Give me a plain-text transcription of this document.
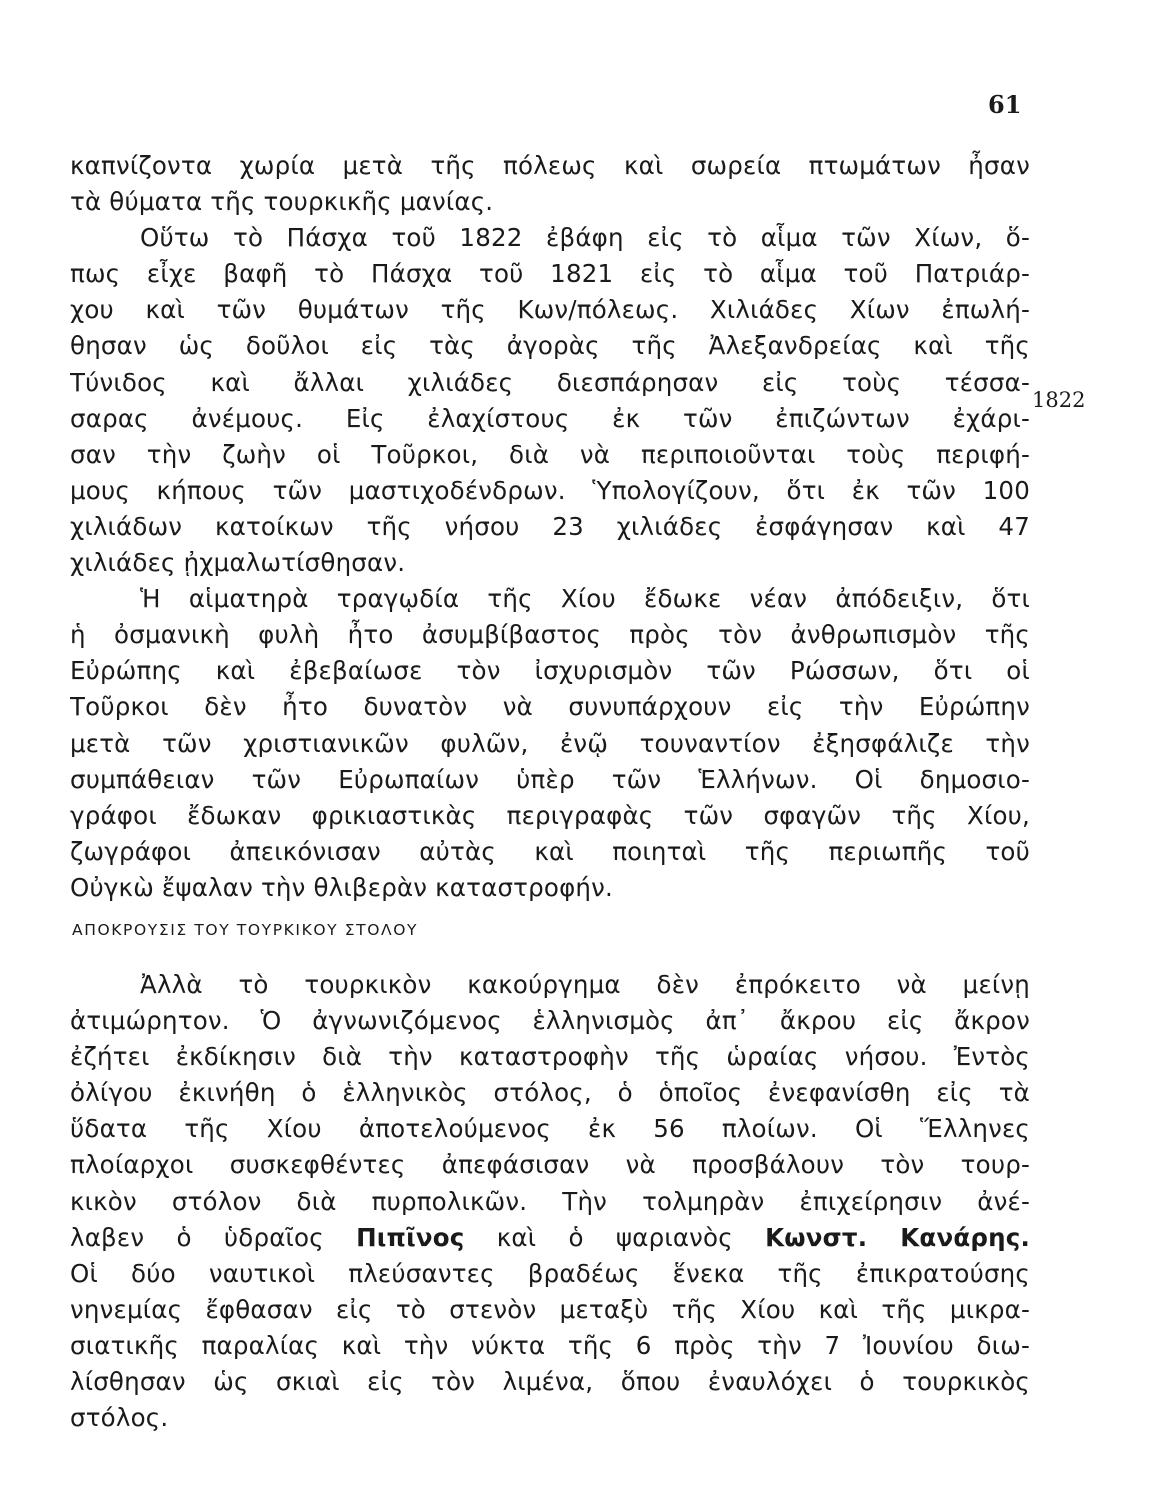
61
1822
καπνίζοντα χωρία μετὰ τῆς πόλεως καὶ σωρεία πτωμάτων ἦσαν
τὰ θύματα τῆς τουρκικῆς μανίας.
Οὕτω τὸ Πάσχα τοῦ 1822 ἐβάφη εἰς τὸ αἷμα τῶν Χίων, ὅ-
πως εἶχε βαφῆ τὸ Πάσχα τοῦ 1821 εἰς τὸ αἷμα τοῦ Πατριάρ-
χου καὶ τῶν θυμάτων τῆς Κων/πόλεως. Χιλιάδες Χίων ἐπωλή-
θησαν ὡς δοῦλοι εἰς τὰς ἀγορὰς τῆς Ἀλεξανδρείας καὶ τῆς
Τύνιδος καὶ ἄλλαι χιλιάδες διεσπάρησαν εἰς τοὺς τέσσα-
σαρας ἀνέμους. Εἰς ἐλαχίστους ἐκ τῶν ἐπιζώντων ἐχάρι-
σαν τὴν ζωὴν οἱ Τοῦρκοι, διὰ νὰ περιποιοῦνται τοὺς περιφή-
μους κήπους τῶν μαστιχοδένδρων. Ὑπολογίζουν, ὅτι ἐκ τῶν 100
χιλιάδων κατοίκων τῆς νήσου 23 χιλιάδες ἐσφάγησαν καὶ 47
χιλιάδες ᾐχμαλωτίσθησαν.
Ἡ αἱματηρὰ τραγῳδία τῆς Χίου ἔδωκε νέαν ἀπόδειξιν, ὅτι
ἡ ὀσμανικὴ φυλὴ ἦτο ἀσυμβίβαστος πρὸς τὸν ἀνθρωπισμὸν τῆς
Εὐρώπης καὶ ἐβεβαίωσε τὸν ἰσχυρισμὸν τῶν Ρώσσων, ὅτι οἱ
Τοῦρκοι δὲν ἦτο δυνατὸν νὰ συνυπάρχουν εἰς τὴν Εὐρώπην
μετὰ τῶν χριστιανικῶν φυλῶν, ἐνῷ τουναντίον ἐξησφάλιζε τὴν
συμπάθειαν τῶν Εὐρωπαίων ὑπὲρ τῶν Ἑλλήνων. Οἱ δημοσιο-
γράφοι ἔδωκαν φρικιαστικὰς περιγραφὰς τῶν σφαγῶν τῆς Χίου,
ζωγράφοι ἀπεικόνισαν αὐτὰς καὶ ποιηταὶ τῆς περιωπῆς τοῦ
Οὐγκὼ ἔψαλαν τὴν θλιβερὰν καταστροφήν.
ΑΠΟΚΡΟΥΣΙΣ ΤΟΥ ΤΟΥΡΚΙΚΟΥ ΣΤΟΛΟΥ
Ἀλλὰ τὸ τουρκικὸν κακούργημα δὲν ἐπρόκειτο νὰ μείνῃ
ἀτιμώρητον. Ὁ ἀγνωνιζόμενος ἑλληνισμὸς ἀπ᾽ ἄκρου εἰς ἄκρον
ἐζήτει ἐκδίκησιν διὰ τὴν καταστροφὴν τῆς ὡραίας νήσου. Ἐντὸς
ὀλίγου ἐκινήθη ὁ ἑλληνικὸς στόλος, ὁ ὁποῖος ἐνεφανίσθη εἰς τὰ
ὕδατα τῆς Χίου ἀποτελούμενος ἐκ 56 πλοίων. Οἱ Ἕλληνες
πλοίαρχοι συσκεφθέντες ἀπεφάσισαν νὰ προσβάλουν τὸν τουρ-
κικὸν στόλον διὰ πυρπολικῶν. Τὴν τολμηρὰν ἐπιχείρησιν ἀνέ-
λαβεν ὁ ὑδραῖος Πιπῖνος καὶ ὁ ψαριανὸς Κωνστ. Κανάρης.
Οἱ δύο ναυτικοὶ πλεύσαντες βραδέως ἕνεκα τῆς ἐπικρατούσης
νηνεμίας ἔφθασαν εἰς τὸ στενὸν μεταξὺ τῆς Χίου καὶ τῆς μικρα-
σιατικῆς παραλίας καὶ τὴν νύκτα τῆς 6 πρὸς τὴν 7 Ἰουνίου διω-
λίσθησαν ὡς σκιαὶ εἰς τὸν λιμένα, ὅπου ἐναυλόχει ὁ τουρκικὸς
στόλος.
